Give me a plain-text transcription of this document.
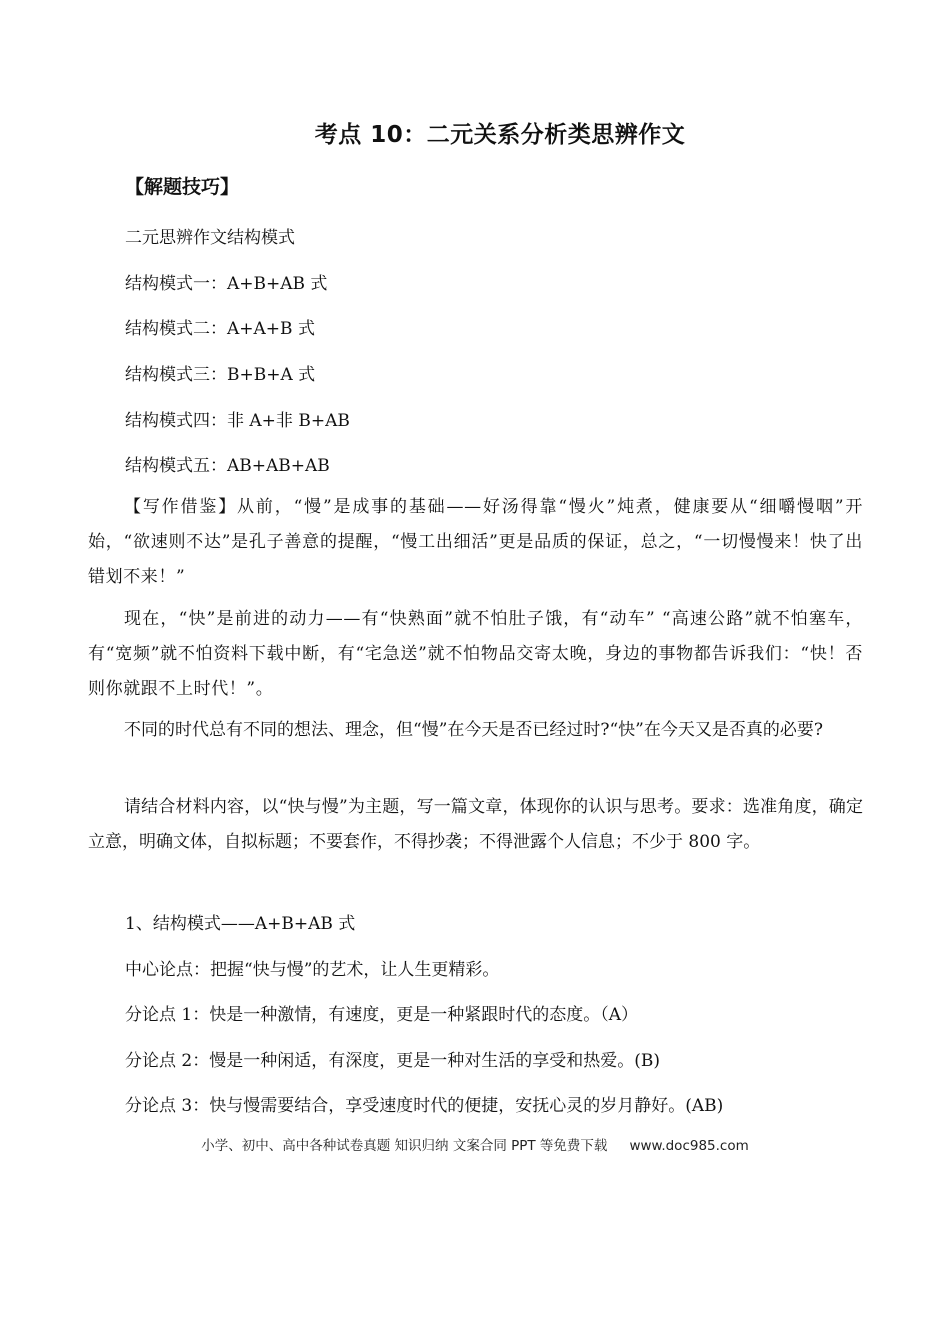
考点 10：二元关系分析类思辨作文
【解题技巧】
二元思辨作文结构模式
结构模式一：A+B+AB 式
结构模式二：A+A+B 式
结构模式三：B+B+A 式
结构模式四：非 A+非 B+AB
结构模式五：AB+AB+AB
【写作借鉴】从前，“慢”是成事的基础——好汤得靠“慢火”炖煮，健康要从“细嚼慢咽”开始，“欲速则不达”是孔子善意的提醒，“慢工出细活”更是品质的保证，总之，“一切慢慢来！快了出错划不来！”
现在，“快”是前进的动力——有“快熟面”就不怕肚子饿，有“动车” “高速公路”就不怕塞车，有“宽频”就不怕资料下载中断，有“宅急送”就不怕物品交寄太晚，身边的事物都告诉我们：“快！否则你就跟不上时代！”。
不同的时代总有不同的想法、理念，但“慢”在今天是否已经过时?“快”在今天又是否真的必要?
请结合材料内容，以“快与慢”为主题，写一篇文章，体现你的认识与思考。要求：选准角度，确定立意，明确文体，自拟标题；不要套作，不得抄袭；不得泄露个人信息；不少于 800 字。
1、结构模式——A+B+AB 式
中心论点：把握“快与慢”的艺术，让人生更精彩。
分论点 1：快是一种激情，有速度，更是一种紧跟时代的态度。（A）
分论点 2：慢是一种闲适，有深度，更是一种对生活的享受和热爱。(B)
分论点 3：快与慢需要结合，享受速度时代的便捷，安抚心灵的岁月静好。(AB)
小学、初中、高中各种试卷真题 知识归纳 文案合同 PPT 等免费下载 www.doc985.com
